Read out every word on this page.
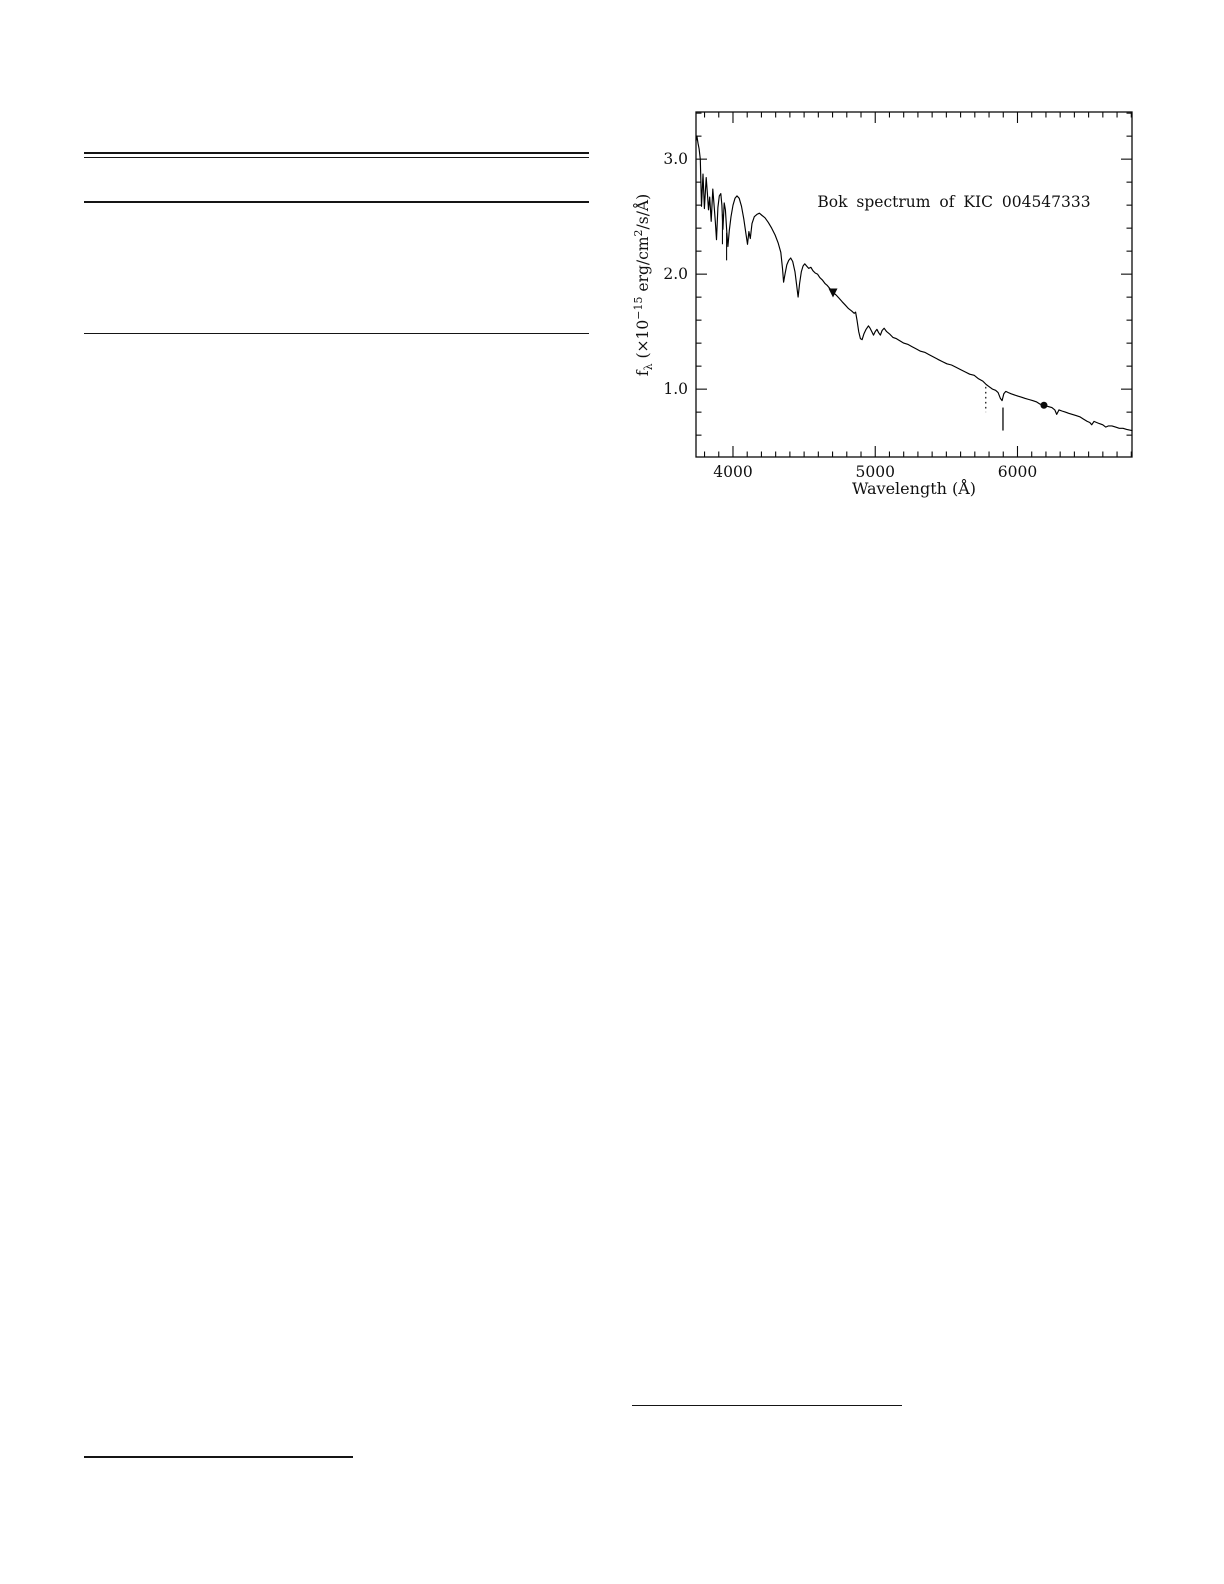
4000	5000	6000
1.0
2.0
3.0
Bok spectrum of KIC 004547333
Wavelength (Å)
$f_\lambda$ ($\times 10^{-15}$ erg/$cm^2/s/Å$)
